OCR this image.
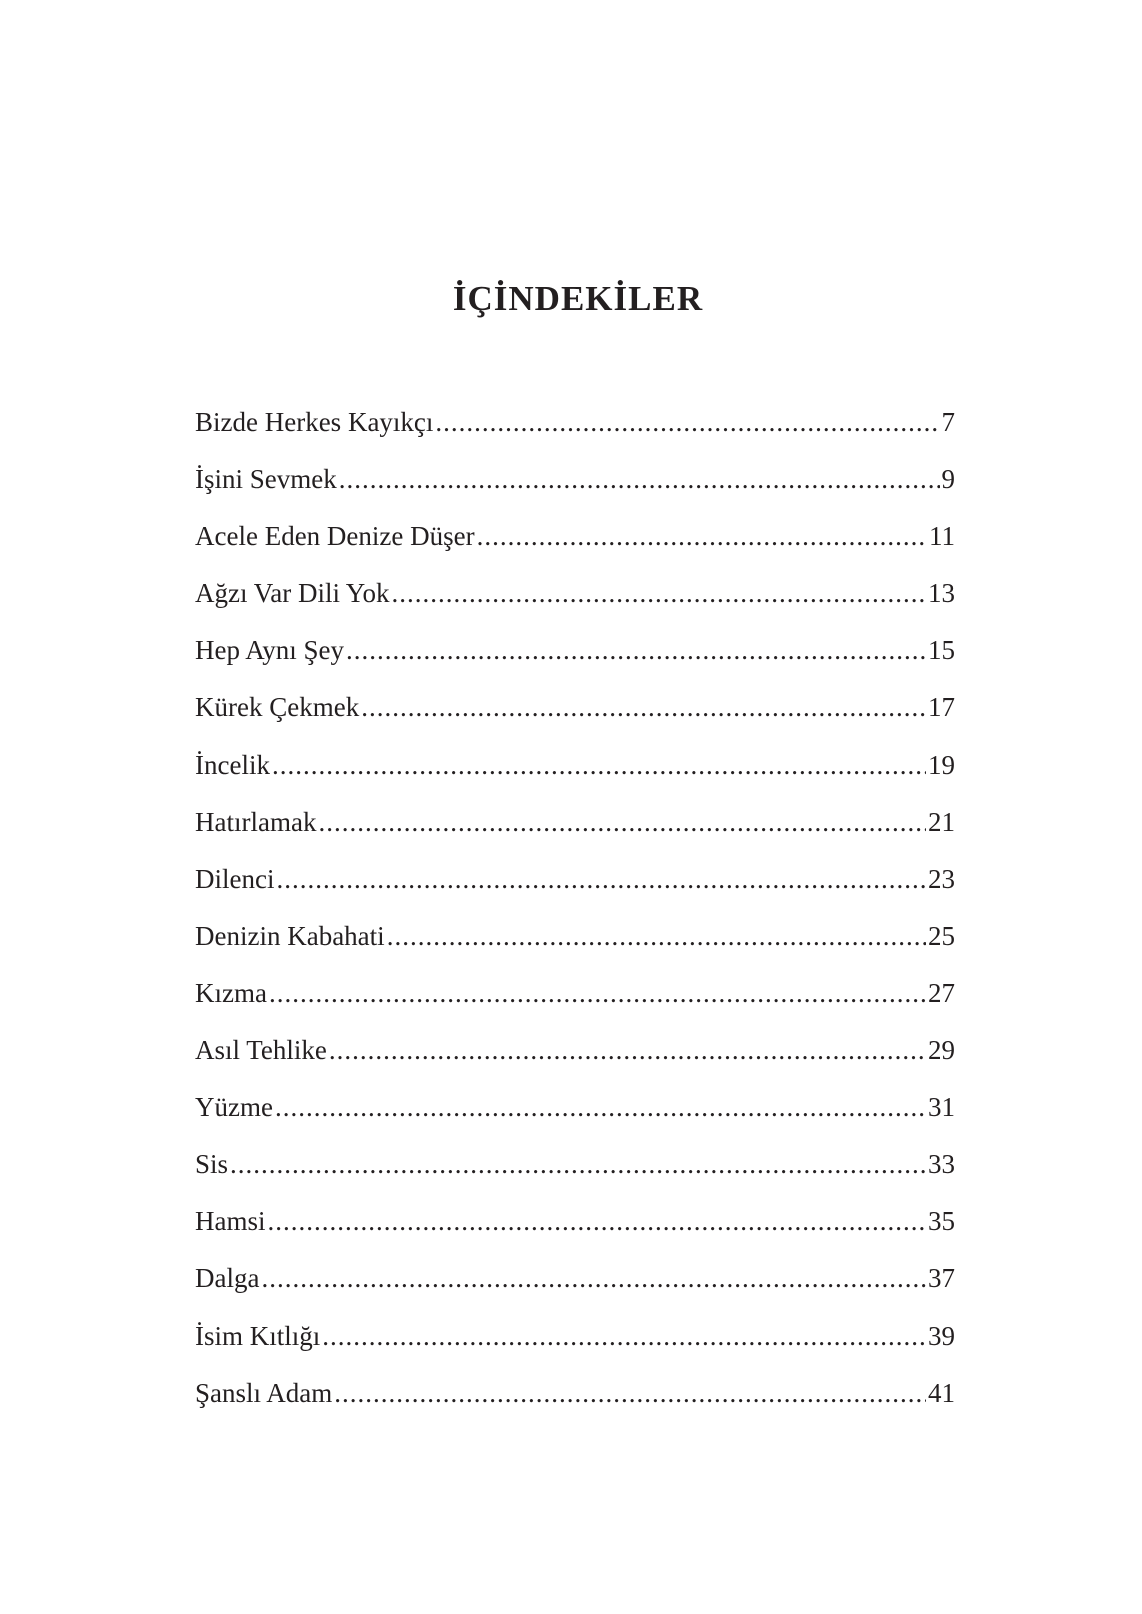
İÇİNDEKİLER
Bizde Herkes Kayıkçı .....	7
İşini Sevmek .....	9
Acele Eden Denize Düşer .....	11
Ağzı Var Dili Yok .....	13
Hep Aynı Şey .....	15
Kürek Çekmek .....	17
İncelik .....	19
Hatırlamak .....	21
Dilenci .....	23
Denizin Kabahati .....	25
Kızma .....	27
Asıl Tehlike .....	29
Yüzme .....	31
Sis .....	33
Hamsi .....	35
Dalga .....	37
İsim Kıtlığı .....	39
Şanslı Adam .....	41
